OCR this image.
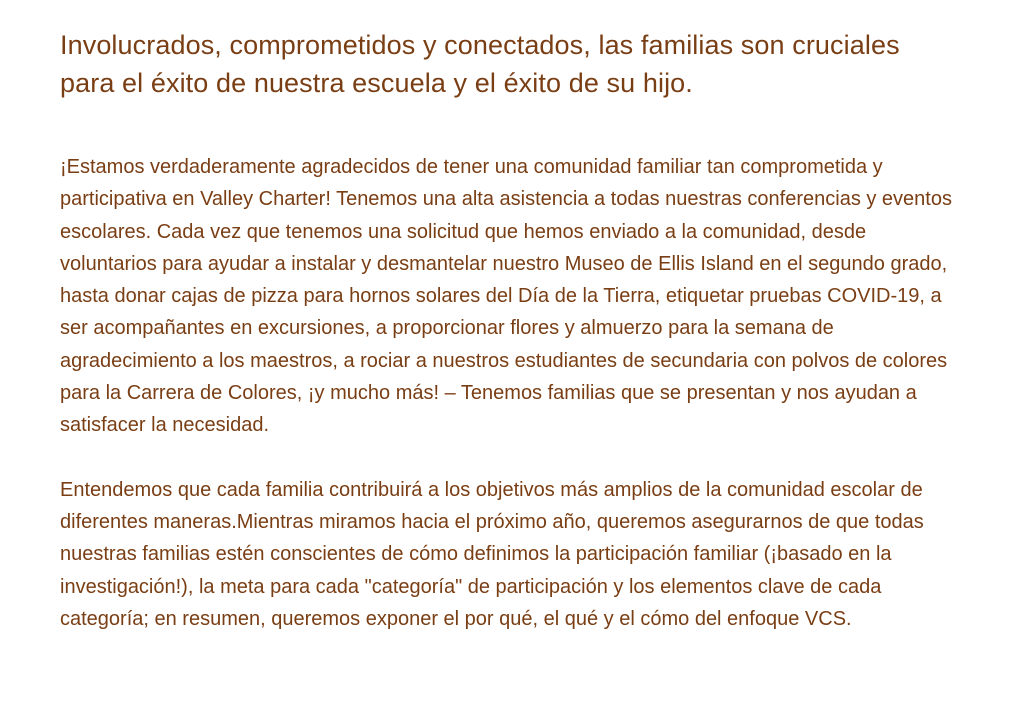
Involucrados, comprometidos y conectados, las familias son cruciales para el éxito de nuestra escuela y el éxito de su hijo.

¡Estamos verdaderamente agradecidos de tener una comunidad familiar tan comprometida y participativa en Valley Charter! Tenemos una alta asistencia a todas nuestras conferencias y eventos escolares. Cada vez que tenemos una solicitud que hemos enviado a la comunidad, desde voluntarios para ayudar a instalar y desmantelar nuestro Museo de Ellis Island en el segundo grado, hasta donar cajas de pizza para hornos solares del Día de la Tierra, etiquetar pruebas COVID-19, a ser acompañantes en excursiones, a proporcionar flores y almuerzo para la semana de agradecimiento a los maestros, a rociar a nuestros estudiantes de secundaria con polvos de colores para la Carrera de Colores, ¡y mucho más! – Tenemos familias que se presentan y nos ayudan a satisfacer la necesidad.

Entendemos que cada familia contribuirá a los objetivos más amplios de la comunidad escolar de diferentes maneras.Mientras miramos hacia el próximo año, queremos asegurarnos de que todas nuestras familias estén conscientes de cómo definimos la participación familiar (¡basado en la investigación!), la meta para cada "categoría" de participación y los elementos clave de cada categoría; en resumen, queremos exponer el por qué, el qué y el cómo del enfoque VCS.
